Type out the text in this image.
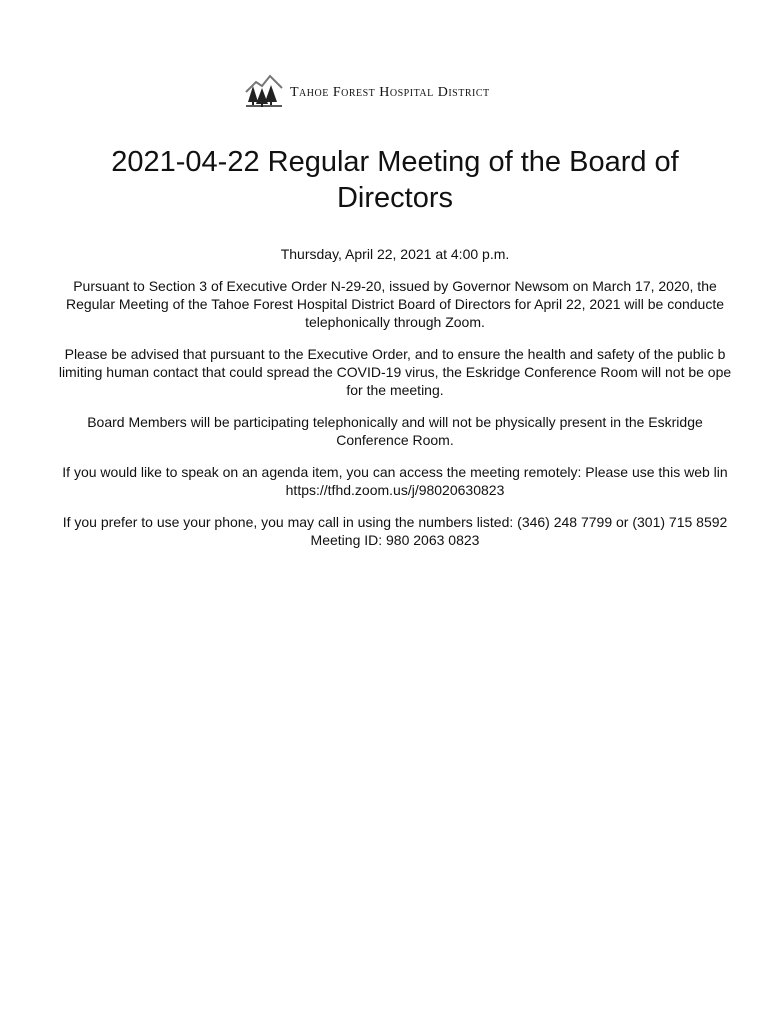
Tahoe Forest Hospital District
2021-04-22 Regular Meeting of the Board of
Directors

Thursday, April 22, 2021 at 4:00 p.m.

Pursuant to Section 3 of Executive Order N-29-20, issued by Governor Newsom on March 17, 2020, the
Regular Meeting of the Tahoe Forest Hospital District Board of Directors for April 22, 2021 will be conducte
telephonically through Zoom.

Please be advised that pursuant to the Executive Order, and to ensure the health and safety of the public b
limiting human contact that could spread the COVID-19 virus, the Eskridge Conference Room will not be ope
for the meeting.

Board Members will be participating telephonically and will not be physically present in the Eskridge
Conference Room.

If you would like to speak on an agenda item, you can access the meeting remotely: Please use this web lin
https://tfhd.zoom.us/j/98020630823

If you prefer to use your phone, you may call in using the numbers listed: (346) 248 7799 or (301) 715 8592
Meeting ID: 980 2063 0823
